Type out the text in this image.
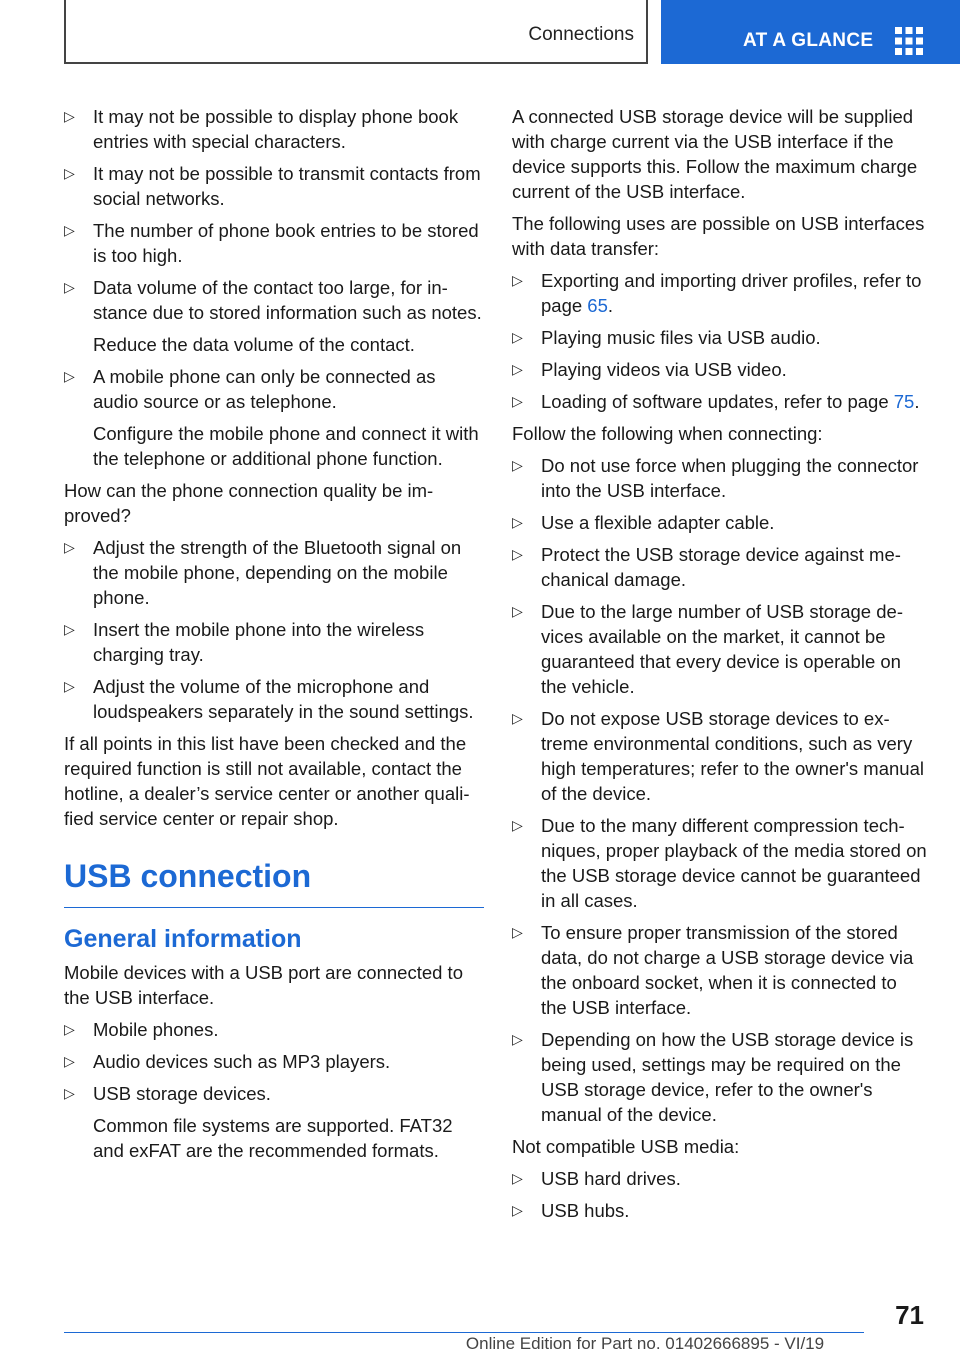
Connections	AT A GLANCE
▷ It may not be possible to display phone book entries with special characters.
▷ It may not be possible to transmit contacts from social networks.
▷ The number of phone book entries to be stored is too high.
▷ Data volume of the contact too large, for instance due to stored information such as notes.
Reduce the data volume of the contact.
▷ A mobile phone can only be connected as audio source or as telephone.
Configure the mobile phone and connect it with the telephone or additional phone function.

How can the phone connection quality be improved?

▷ Adjust the strength of the Bluetooth signal on the mobile phone, depending on the mobile phone.
▷ Insert the mobile phone into the wireless charging tray.
▷ Adjust the volume of the microphone and loudspeakers separately in the sound settings.

If all points in this list have been checked and the required function is still not available, contact the hotline, a dealer’s service center or another qualified service center or repair shop.

USB connection
General information

Mobile devices with a USB port are connected to the USB interface.

▷ Mobile phones.
▷ Audio devices such as MP3 players.
▷ USB storage devices.
Common file systems are supported. FAT32 and exFAT are the recommended formats.

A connected USB storage device will be supplied with charge current via the USB interface if the device supports this. Follow the maximum charge current of the USB interface.

The following uses are possible on USB interfaces with data transfer:

▷ Exporting and importing driver profiles, refer to page 65.
▷ Playing music files via USB audio.
▷ Playing videos via USB video.
▷ Loading of software updates, refer to page 75.

Follow the following when connecting:

▷ Do not use force when plugging the connector into the USB interface.
▷ Use a flexible adapter cable.
▷ Protect the USB storage device against mechanical damage.
▷ Due to the large number of USB storage devices available on the market, it cannot be guaranteed that every device is operable on the vehicle.
▷ Do not expose USB storage devices to extreme environmental conditions, such as very high temperatures; refer to the owner's manual of the device.
▷ Due to the many different compression techniques, proper playback of the media stored on the USB storage device cannot be guaranteed in all cases.
▷ To ensure proper transmission of the stored data, do not charge a USB storage device via the onboard socket, when it is connected to the USB interface.
▷ Depending on how the USB storage device is being used, settings may be required on the USB storage device, refer to the owner's manual of the device.

Not compatible USB media:

▷ USB hard drives.
▷ USB hubs.
71
Online Edition for Part no. 01402666895 - VI/19
